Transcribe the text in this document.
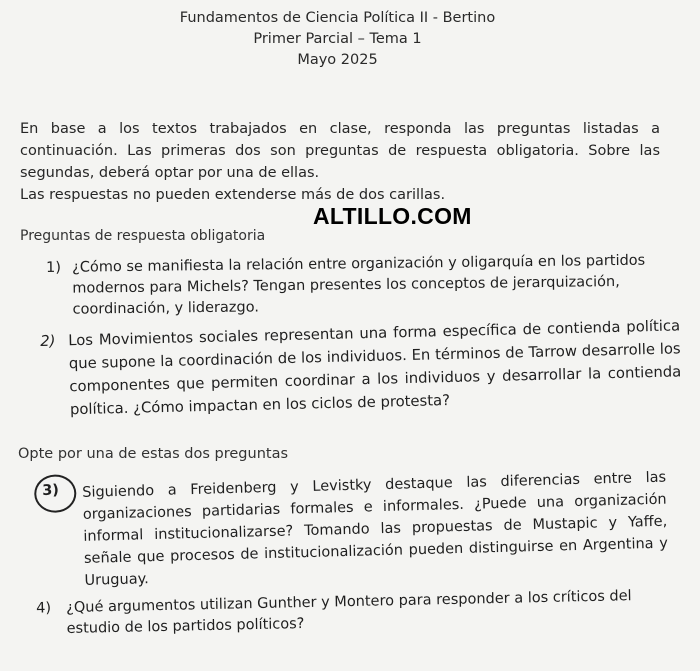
Fundamentos de Ciencia Política II - Bertino
Primer Parcial – Tema 1
Mayo 2025

En base a los textos trabajados en clase, responda las preguntas listadas a continuación. Las primeras dos son preguntas de respuesta obligatoria. Sobre las segundas, deberá optar por una de ellas.

Las respuestas no pueden extenderse más de dos carillas.

ALTILLO.COM
Preguntas de respuesta obligatoria
1) ¿Cómo se manifiesta la relación entre organización y oligarquía en los partidos modernos para Michels? Tengan presentes los conceptos de jerarquización, coordinación, y liderazgo.
2) Los Movimientos sociales representan una forma específica de contienda política que supone la coordinación de los individuos. En términos de Tarrow desarrolle los componentes que permiten coordinar a los individuos y desarrollar la contienda política. ¿Cómo impactan en los ciclos de protesta?
Opte por una de estas dos preguntas
3) Siguiendo a Freidenberg y Levistky destaque las diferencias entre las organizaciones partidarias formales e informales. ¿Puede una organización informal institucionalizarse? Tomando las propuestas de Mustapic y Yaffe, señale que procesos de institucionalización pueden distinguirse en Argentina y Uruguay.
4) ¿Qué argumentos utilizan Gunther y Montero para responder a los críticos del estudio de los partidos políticos?
